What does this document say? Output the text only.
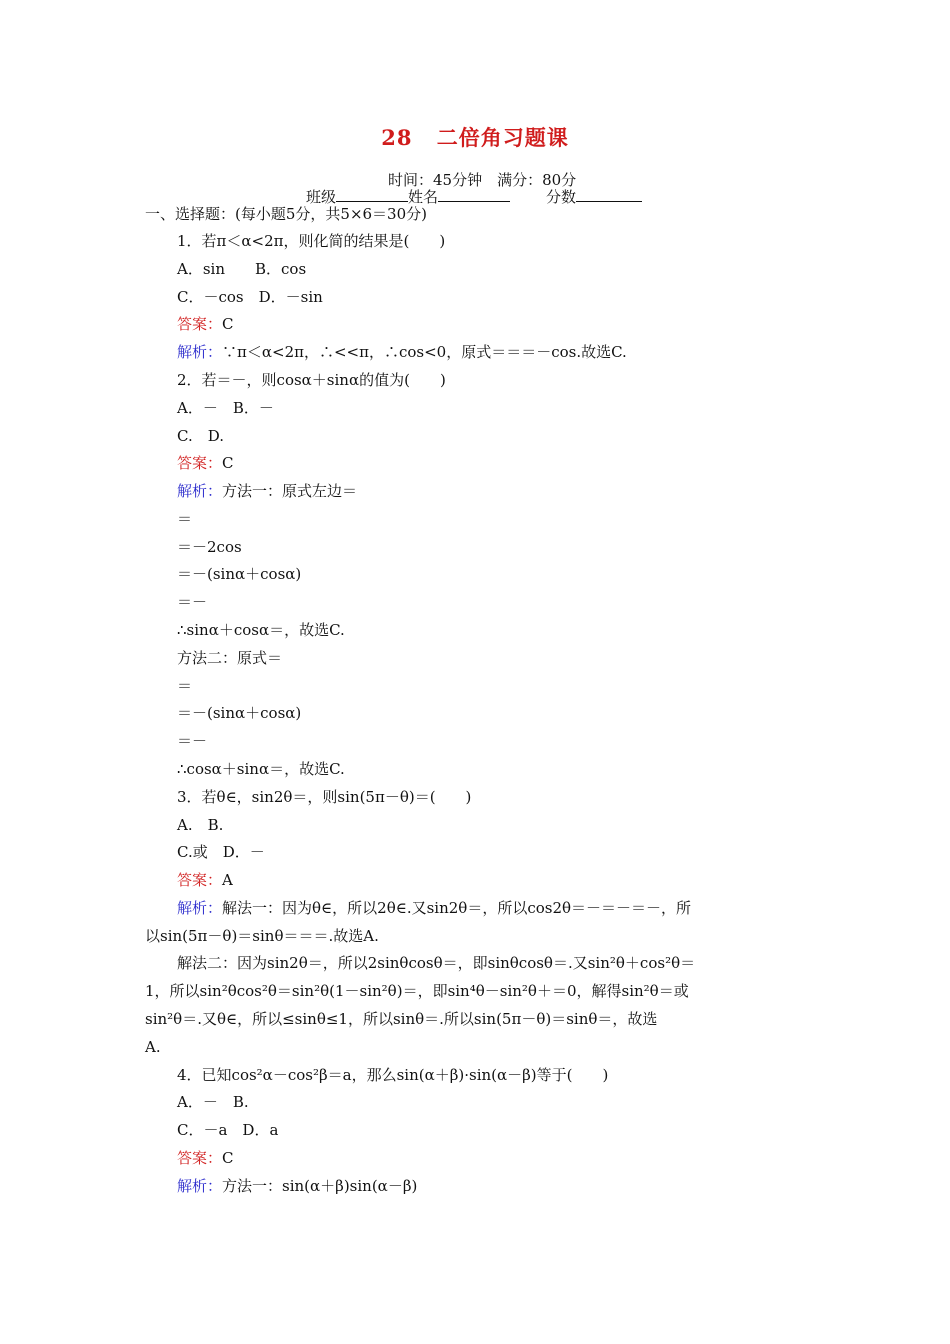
28 二倍角习题课
时间：45分钟　满分：80分
班级	姓名	分数
一、选择题：(每小题5分，共5×6＝30分)
1．若π＜α<2π，则化简的结果是(　　)
A．sin　　B．cos
C．－cos　D．－sin
答案：C
解析：∵π＜α<2π，∴<<π，∴cos<0，原式＝＝＝－cos.故选C.
2．若＝－，则cosα＋sinα的值为(　　)
A．－　B．－
C.　D.
答案：C
解析：方法一：原式左边＝
＝
＝－2cos
＝－(sinα＋cosα)
＝－
∴sinα＋cosα＝，故选C.
方法二：原式＝
＝
＝－(sinα＋cosα)
＝－
∴cosα＋sinα＝，故选C.
3．若θ∈，sin2θ＝，则sin(5π－θ)＝(　　)
A.　B.
C.或　D．－
答案：A
解析：解法一：因为θ∈，所以2θ∈.又sin2θ＝，所以cos2θ＝－＝－＝－，所
以sin(5π－θ)＝sinθ＝＝＝.故选A.
解法二：因为sin2θ＝，所以2sinθcosθ＝，即sinθcosθ＝.又sin²θ＋cos²θ＝
1，所以sin²θcos²θ＝sin²θ(1－sin²θ)＝，即sin⁴θ－sin²θ＋＝0，解得sin²θ＝或
sin²θ＝.又θ∈，所以≤sinθ≤1，所以sinθ＝.所以sin(5π－θ)＝sinθ＝，故选
A.
4．已知cos²α－cos²β＝a，那么sin(α＋β)·sin(α－β)等于(　　)
A．－　B.
C．－a　D．a
答案：C
解析：方法一：sin(α＋β)sin(α－β)
